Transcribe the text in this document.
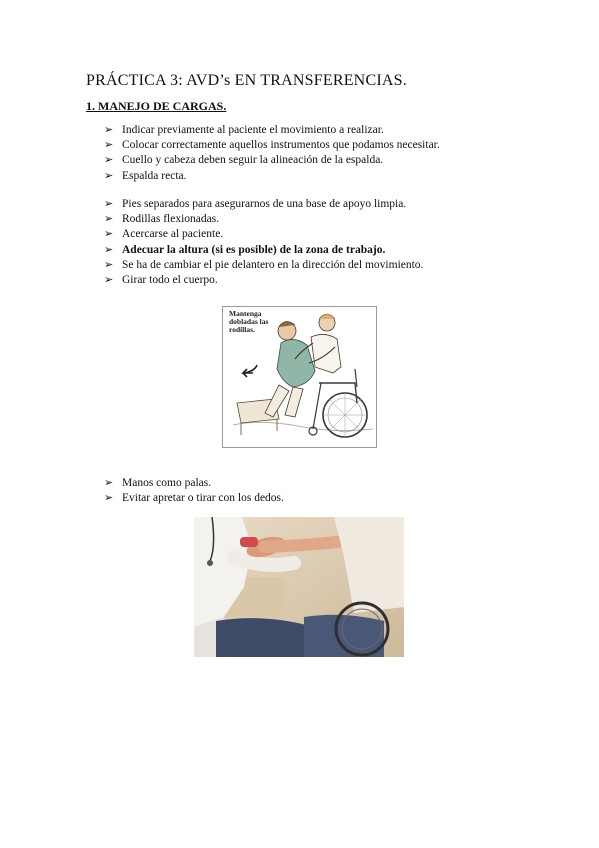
PRÁCTICA 3: AVD’s EN TRANSFERENCIAS.
1. MANEJO DE CARGAS.
➢ Indicar previamente al paciente el movimiento a realizar.
➢ Colocar correctamente aquellos instrumentos que podamos necesitar.
➢ Cuello y cabeza deben seguir la alineación de la espalda.
➢ Espalda recta.
➢ Pies separados para asegurarnos de una base de apoyo limpia.
➢ Rodillas flexionadas.
➢ Acercarse al paciente.
➢ Adecuar la altura (si es posible) de la zona de trabajo.
➢ Se ha de cambiar el pie delantero en la dirección del movimiento.
➢ Girar todo el cuerpo.
Mantenga dobladas las rodillas.
➢ Manos como palas.
➢ Evitar apretar o tirar con los dedos.
